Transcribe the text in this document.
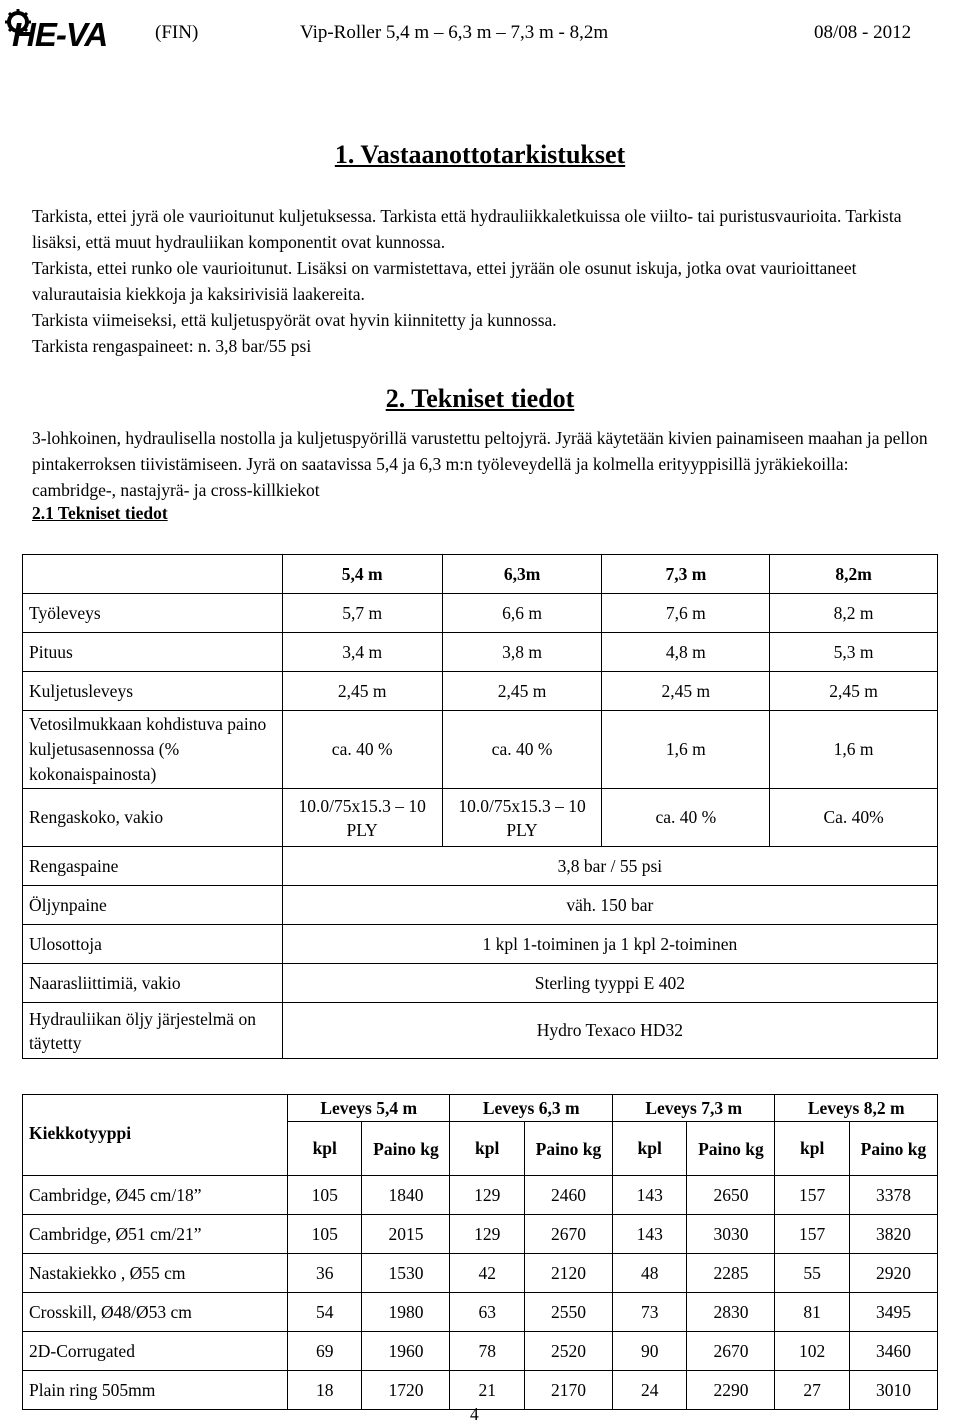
HE-VA	(FIN)	Vip-Roller 5,4 m – 6,3 m – 7,3 m - 8,2m	08/08 - 2012
1. Vastaanottotarkistukset

Tarkista, ettei jyrä ole vaurioitunut kuljetuksessa. Tarkista että hydrauliikkaletkuissa ole viilto- tai puristusvaurioita. Tarkista lisäksi, että muut hydrauliikan komponentit ovat kunnossa.

Tarkista, ettei runko ole vaurioitunut. Lisäksi on varmistettava, ettei jyrään ole osunut iskuja, jotka ovat vaurioittaneet valurautaisia kiekkoja ja kaksirivisiä laakereita.

Tarkista viimeiseksi, että kuljetuspyörät ovat hyvin kiinnitetty ja kunnossa.

Tarkista rengaspaineet: n. 3,8 bar/55 psi

2. Tekniset tiedot
3-lohkoinen, hydraulisella nostolla ja kuljetuspyörillä varustettu peltojyrä. Jyrää käytetään kivien painamiseen maahan ja pellon pintakerroksen tiivistämiseen. Jyrä on saatavissa 5,4 ja 6,3 m:n työleveydellä ja kolmella erityyppisillä jyräkiekoilla: cambridge-, nastajyrä- ja cross-killkiekot
2.1 Tekniset tiedot
	5,4 m	6,3m	7,3 m	8,2m
Työleveys	5,7 m	6,6 m	7,6 m	8,2 m
Pituus	3,4 m	3,8 m	4,8 m	5,3 m
Kuljetusleveys	2,45 m	2,45 m	2,45 m	2,45 m
Vetosilmukkaan kohdistuva paino kuljetusasennossa (% kokonaispainosta)	ca. 40 %	ca. 40 %	1,6 m	1,6 m
Rengaskoko, vakio	10.0/75x15.3 – 10 PLY	10.0/75x15.3 – 10 PLY	ca. 40 %	Ca. 40%
Rengaspaine	3,8 bar / 55 psi			
Öljynpaine	väh. 150 bar			
Ulosottoja	1 kpl 1-toiminen ja 1 kpl 2-toiminen			
Naarasliittimiä, vakio	Sterling tyyppi E 402			
Hydrauliikan öljy järjestelmä on täytetty	Hydro Texaco HD32			
Kiekkotyyppi	Leveys 5,4 m		Leveys 6,3 m		Leveys 7,3 m		Leveys 8,2 m	
	kpl	Paino kg	kpl	Paino kg	kpl	Paino kg	kpl	Paino kg
Cambridge, Ø45 cm/18”	105	1840	129	2460	143	2650	157	3378
Cambridge, Ø51 cm/21”	105	2015	129	2670	143	3030	157	3820
Nastakiekko , Ø55 cm	36	1530	42	2120	48	2285	55	2920
Crosskill, Ø48/Ø53 cm	54	1980	63	2550	73	2830	81	3495
2D-Corrugated	69	1960	78	2520	90	2670	102	3460
Plain ring 505mm	18	1720	21	2170	24	2290	27	3010
4
